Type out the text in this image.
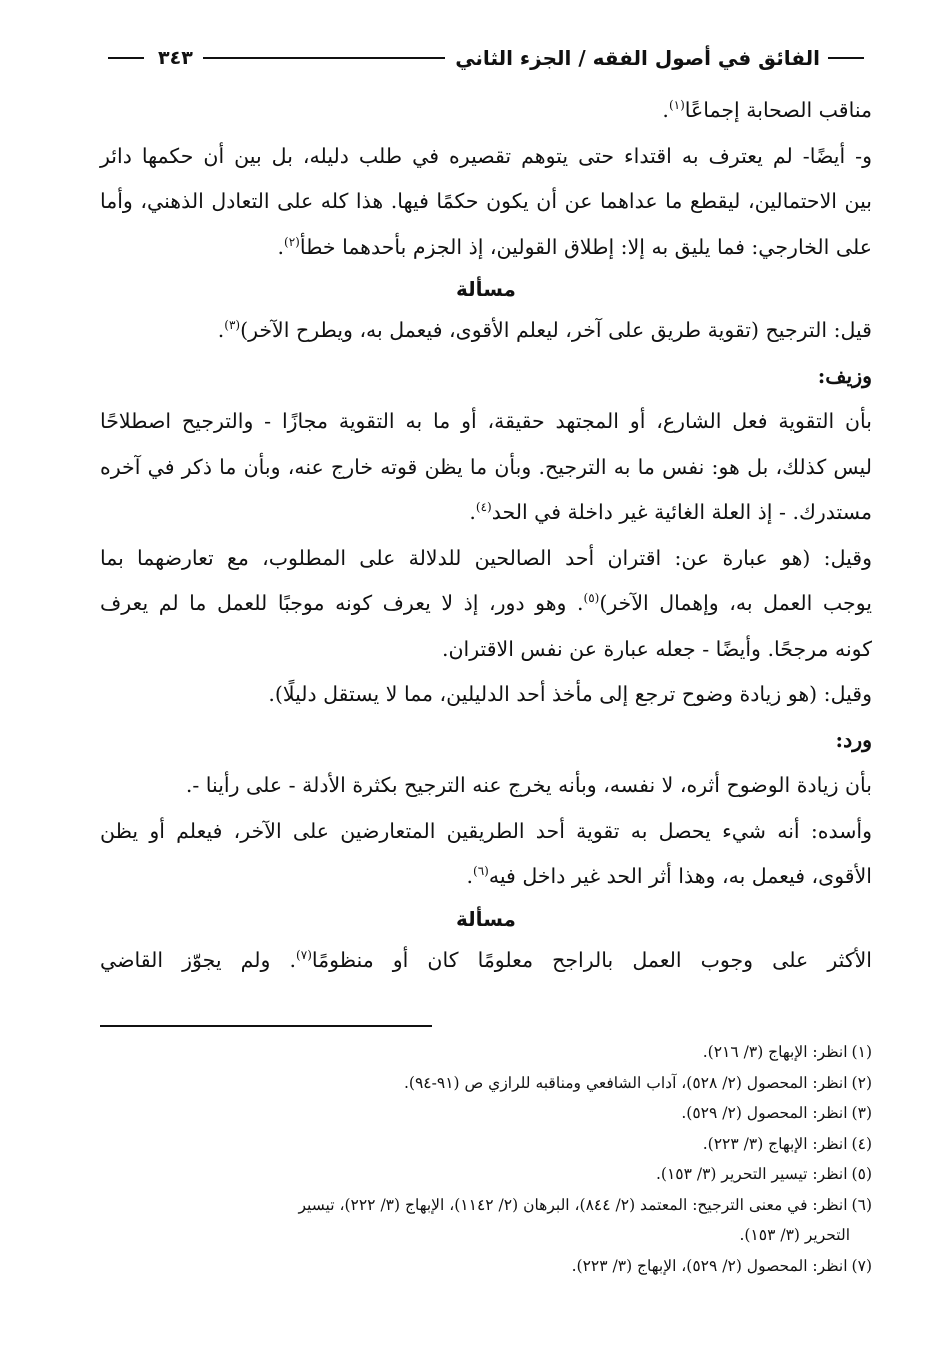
الفائق في أصول الفقه / الجزء الثاني
٣٤٣

مناقب الصحابة إجماعًا$^{(١)}$.

و- أيضًا- لم يعترف به اقتداء حتى يتوهم تقصيره في طلب دليله، بل بين أن حكمها دائر

بين الاحتمالين، ليقطع ما عداهما عن أن يكون حكمًا فيها. هذا كله على التعادل الذهني، وأما

على الخارجي: فما يليق به إلا: إطلاق القولين، إذ الجزم بأحدهما خطأ$^{(٢)}$.

مسألة

قيل: الترجيح (تقوية طريق على آخر، ليعلم الأقوى، فيعمل به، ويطرح الآخر)$^{(٣)}$.

وزيف:

بأن التقوية فعل الشارع، أو المجتهد حقيقة، أو ما به التقوية مجازًا - والترجيح اصطلاحًا

ليس كذلك، بل هو: نفس ما به الترجيح. وبأن ما يظن قوته خارج عنه، وبأن ما ذكر في آخره

مستدرك. - إذ العلة الغائية غير داخلة في الحد$^{(٤)}$.

وقيل: (هو عبارة عن: اقتران أحد الصالحين للدلالة على المطلوب، مع تعارضهما بما

يوجب العمل به، وإهمال الآخر)$^{(٥)}$. وهو دور، إذ لا يعرف كونه موجبًا للعمل ما لم يعرف

كونه مرجحًا. وأيضًا - جعله عبارة عن نفس الاقتران.

وقيل: (هو زيادة وضوح ترجع إلى مأخذ أحد الدليلين، مما لا يستقل دليلًا).

ورد:

بأن زيادة الوضوح أثره، لا نفسه، وبأنه يخرج عنه الترجيح بكثرة الأدلة - على رأينا -.

وأسده: أنه شيء يحصل به تقوية أحد الطريقين المتعارضين على الآخر، فيعلم أو يظن

الأقوى، فيعمل به، وهذا أثر الحد غير داخل فيه$^{(٦)}$.

مسألة

الأكثر على وجوب العمل بالراجح معلومًا كان أو منظومًا$^{(٧)}$. ولم يجوّز القاضي

(١)انظر: الإبهاج (٣/ ٢١٦).

(٢)انظر: المحصول (٢/ ٥٢٨)، آداب الشافعي ومناقبه للرازي ص (٩١-٩٤).

(٣)انظر: المحصول (٢/ ٥٢٩).

(٤)انظر: الإبهاج (٣/ ٢٢٣).

(٥)انظر: تيسير التحرير (٣/ ١٥٣).

(٦)انظر: في معنى الترجيح: المعتمد (٢/ ٨٤٤)، البرهان (٢/ ١١٤٢)، الإبهاج (٣/ ٢٢٢)، تيسير

التحرير (٣/ ١٥٣).

(٧)انظر: المحصول (٢/ ٥٢٩)، الإبهاج (٣/ ٢٢٣).
